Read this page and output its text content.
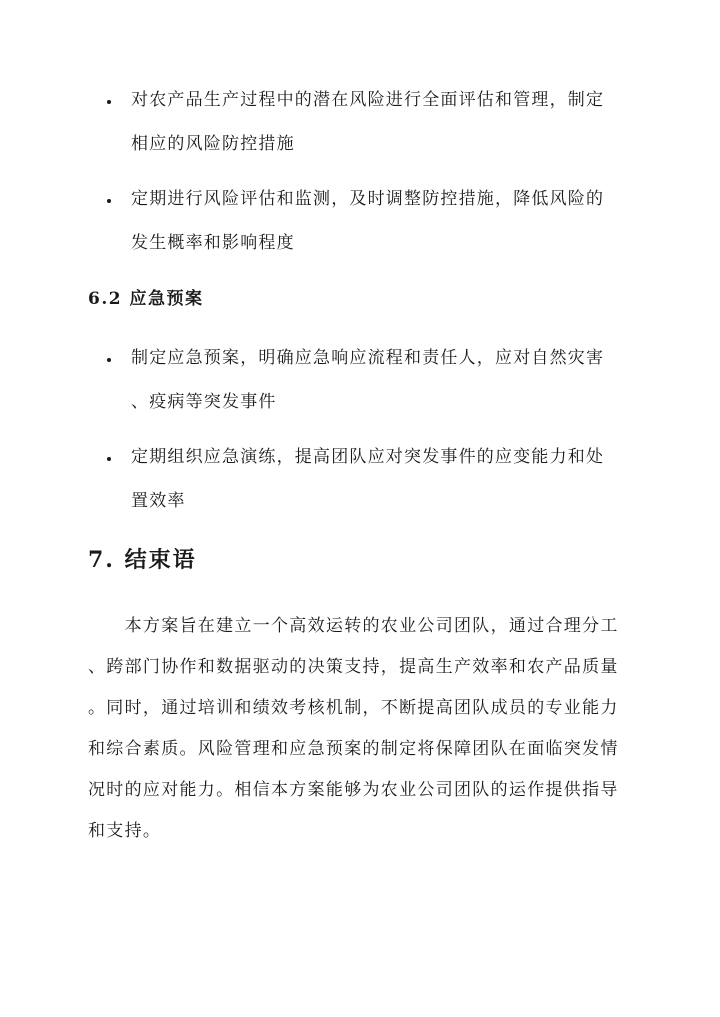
对农产品生产过程中的潜在风险进行全面评估和管理，制定
相应的风险防控措施
定期进行风险评估和监测，及时调整防控措施，降低风险的
发生概率和影响程度
6.2 应急预案
制定应急预案，明确应急响应流程和责任人，应对自然灾害
、疫病等突发事件
定期组织应急演练，提高团队应对突发事件的应变能力和处
置效率
7. 结束语
　　本方案旨在建立一个高效运转的农业公司团队，通过合理分工
、跨部门协作和数据驱动的决策支持，提高生产效率和农产品质量
。同时，通过培训和绩效考核机制，不断提高团队成员的专业能力
和综合素质。风险管理和应急预案的制定将保障团队在面临突发情
况时的应对能力。相信本方案能够为农业公司团队的运作提供指导
和支持。
